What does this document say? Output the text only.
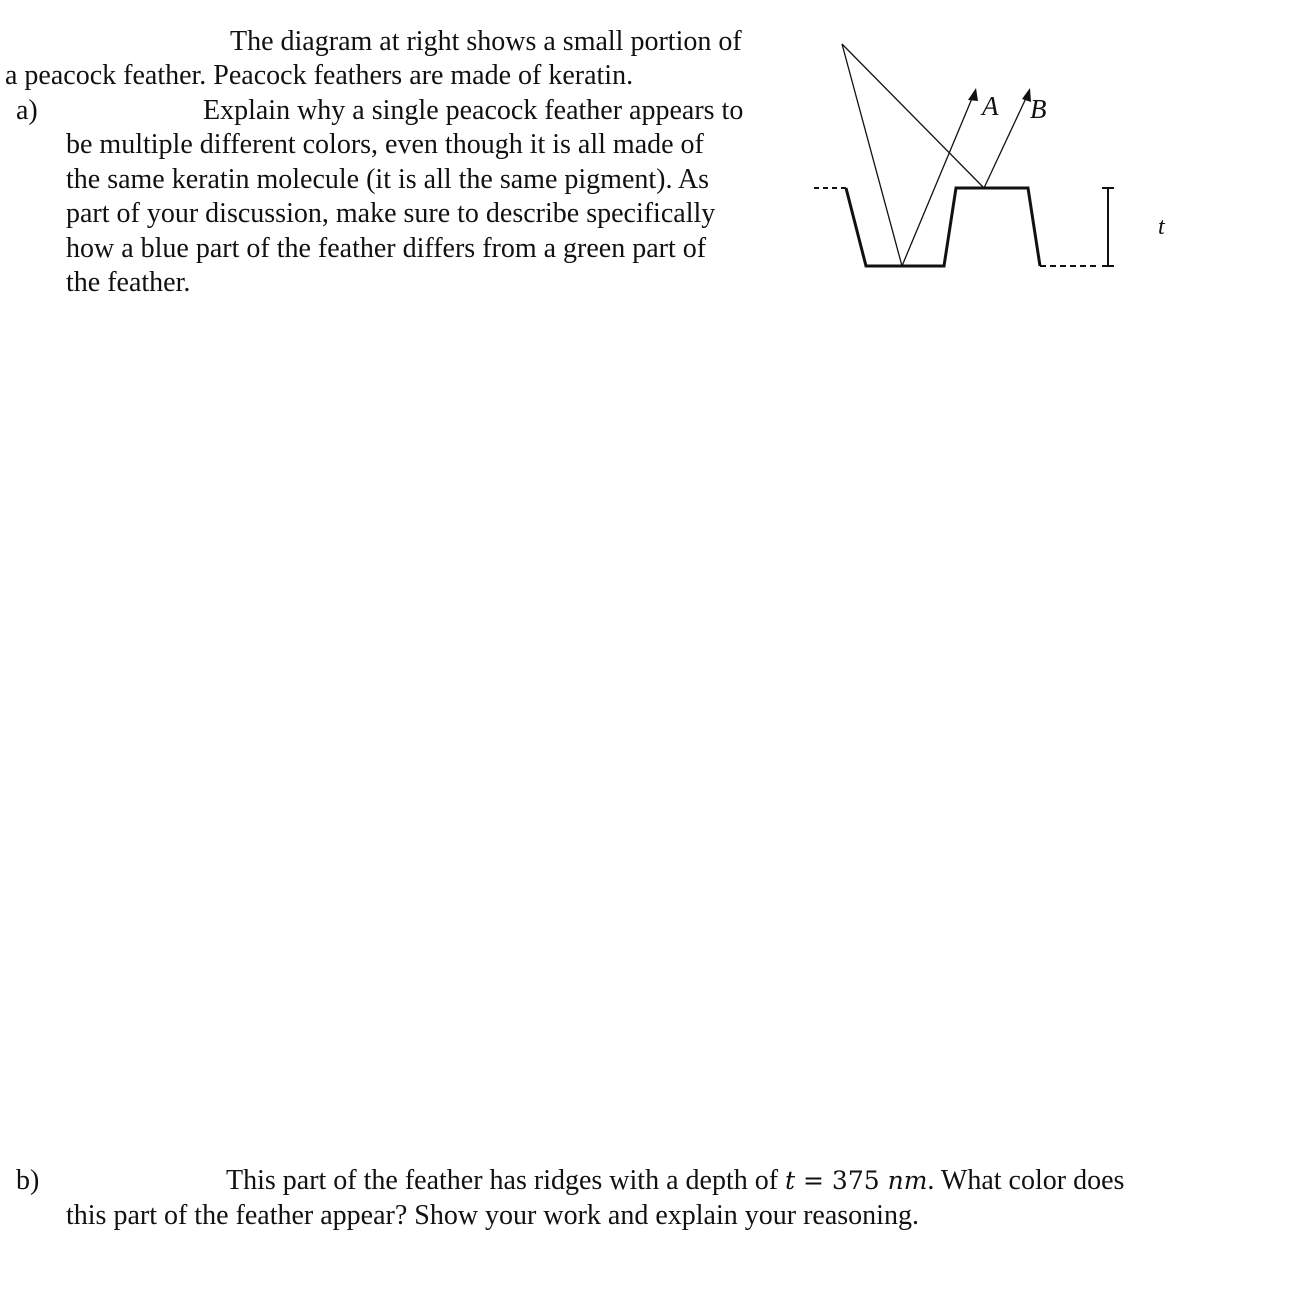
The diagram at right shows a small portion of
a peacock feather. Peacock feathers are made of keratin.
a)	Explain why a single peacock feather appears to
be multiple different colors, even though it is all made of
the same keratin molecule (it is all the same pigment). As
part of your discussion, make sure to describe specifically
how a blue part of the feather differs from a green part of
the feather.
A B
t
b)	This part of the feather has ridges with a depth of t = 375 nm. What color does
this part of the feather appear? Show your work and explain your reasoning.
